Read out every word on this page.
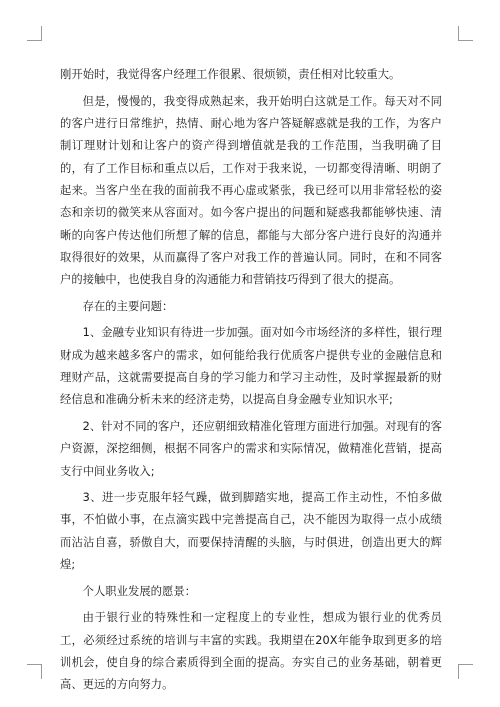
刚开始时，我觉得客户经理工作很累、很烦锁，责任相对比较重大。

但是，慢慢的，我变得成熟起来，我开始明白这就是工作。每天对不同的客户进行日常维护，热情、耐心地为客户答疑解惑就是我的工作，为客户制订理财计划和让客户的资产得到增值就是我的工作范围，当我明确了目的，有了工作目标和重点以后，工作对于我来说，一切都变得清晰、明朗了起来。当客户坐在我的面前我不再心虚或紧张，我已经可以用非常轻松的姿态和亲切的微笑来从容面对。如今客户提出的问题和疑惑我都能够快速、清晰的向客户传达他们所想了解的信息，都能与大部分客户进行良好的沟通并取得很好的效果，从而赢得了客户对我工作的普遍认同。同时，在和不同客户的接触中，也使我自身的沟通能力和营销技巧得到了很大的提高。

存在的主要问题：

1、金融专业知识有待进一步加强。面对如今市场经济的多样性，银行理财成为越来越多客户的需求，如何能给我行优质客户提供专业的金融信息和理财产品，这就需要提高自身的学习能力和学习主动性，及时掌握最新的财经信息和准确分析未来的经济走势，以提高自身金融专业知识水平;

2、针对不同的客户，还应朝细致精准化管理方面进行加强。对现有的客户资源，深挖细侧，根据不同客户的需求和实际情况，做精准化营销，提高支行中间业务收入;

3、进一步克服年轻气躁，做到脚踏实地，提高工作主动性，不怕多做事，不怕做小事，在点滴实践中完善提高自己，决不能因为取得一点小成绩而沾沾自喜，骄傲自大，而要保持清醒的头脑，与时俱进，创造出更大的辉煌;

个人职业发展的愿景：

由于银行业的特殊性和一定程度上的专业性，想成为银行业的优秀员工，必须经过系统的培训与丰富的实践。我期望在20X年能争取到更多的培训机会，使自身的综合素质得到全面的提高。夯实自己的业务基础，朝着更高、更远的方向努力。
